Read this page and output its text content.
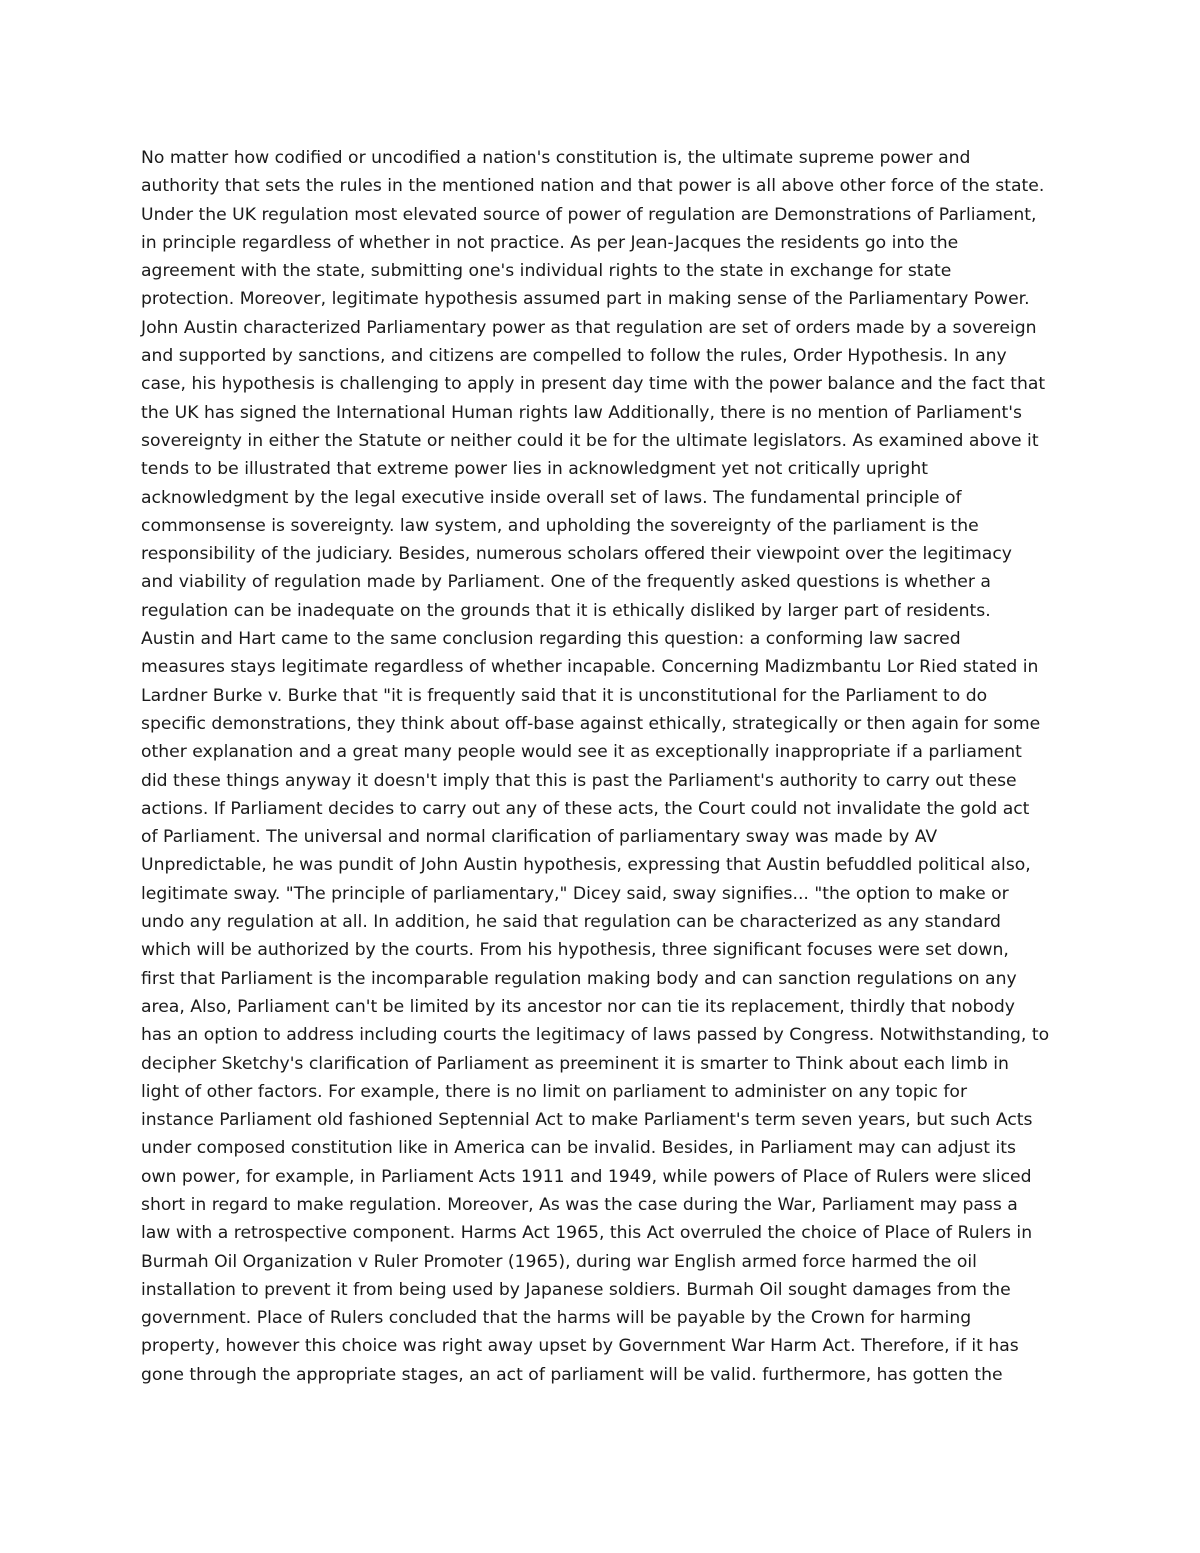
No matter how codified or uncodified a nation's constitution is, the ultimate supreme power and
authority that sets the rules in the mentioned nation and that power is all above other force of the state.
Under the UK regulation most elevated source of power of regulation are Demonstrations of Parliament,
in principle regardless of whether in not practice. As per Jean-Jacques the residents go into the
agreement with the state, submitting one's individual rights to the state in exchange for state
protection. Moreover, legitimate hypothesis assumed part in making sense of the Parliamentary Power.
John Austin characterized Parliamentary power as that regulation are set of orders made by a sovereign
and supported by sanctions, and citizens are compelled to follow the rules, Order Hypothesis. In any
case, his hypothesis is challenging to apply in present day time with the power balance and the fact that
the UK has signed the International Human rights law Additionally, there is no mention of Parliament's
sovereignty in either the Statute or neither could it be for the ultimate legislators. As examined above it
tends to be illustrated that extreme power lies in acknowledgment yet not critically upright
acknowledgment by the legal executive inside overall set of laws. The fundamental principle of
commonsense is sovereignty. law system, and upholding the sovereignty of the parliament is the
responsibility of the judiciary. Besides, numerous scholars offered their viewpoint over the legitimacy
and viability of regulation made by Parliament. One of the frequently asked questions is whether a
regulation can be inadequate on the grounds that it is ethically disliked by larger part of residents.
Austin and Hart came to the same conclusion regarding this question: a conforming law sacred
measures stays legitimate regardless of whether incapable. Concerning Madizmbantu Lor Ried stated in
Lardner Burke v. Burke that "it is frequently said that it is unconstitutional for the Parliament to do
specific demonstrations, they think about off-base against ethically, strategically or then again for some
other explanation and a great many people would see it as exceptionally inappropriate if a parliament
did these things anyway it doesn't imply that this is past the Parliament's authority to carry out these
actions. If Parliament decides to carry out any of these acts, the Court could not invalidate the gold act
of Parliament. The universal and normal clarification of parliamentary sway was made by AV
Unpredictable, he was pundit of John Austin hypothesis, expressing that Austin befuddled political also,
legitimate sway. "The principle of parliamentary," Dicey said, sway signifies... "the option to make or
undo any regulation at all. In addition, he said that regulation can be characterized as any standard
which will be authorized by the courts. From his hypothesis, three significant focuses were set down,
first that Parliament is the incomparable regulation making body and can sanction regulations on any
area, Also, Parliament can't be limited by its ancestor nor can tie its replacement, thirdly that nobody
has an option to address including courts the legitimacy of laws passed by Congress. Notwithstanding, to
decipher Sketchy's clarification of Parliament as preeminent it is smarter to Think about each limb in
light of other factors. For example, there is no limit on parliament to administer on any topic for
instance Parliament old fashioned Septennial Act to make Parliament's term seven years, but such Acts
under composed constitution like in America can be invalid. Besides, in Parliament may can adjust its
own power, for example, in Parliament Acts 1911 and 1949, while powers of Place of Rulers were sliced
short in regard to make regulation. Moreover, As was the case during the War, Parliament may pass a
law with a retrospective component. Harms Act 1965, this Act overruled the choice of Place of Rulers in
Burmah Oil Organization v Ruler Promoter (1965), during war English armed force harmed the oil
installation to prevent it from being used by Japanese soldiers. Burmah Oil sought damages from the
government. Place of Rulers concluded that the harms will be payable by the Crown for harming
property, however this choice was right away upset by Government War Harm Act. Therefore, if it has
gone through the appropriate stages, an act of parliament will be valid. furthermore, has gotten the
